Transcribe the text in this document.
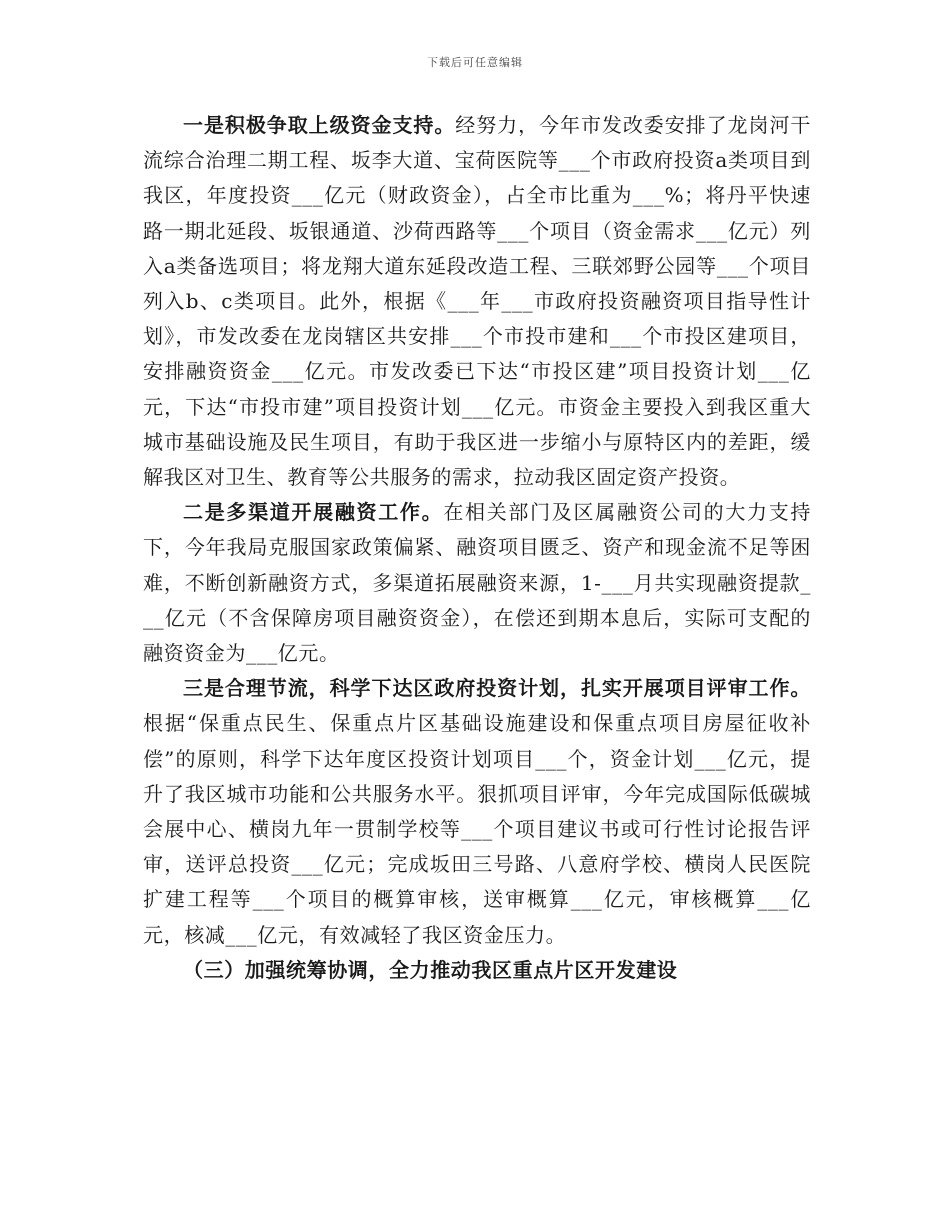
下载后可任意编辑

一是积极争取上级资金支持。经努力，今年市发改委安排了龙岗河干流综合治理二期工程、坂李大道、宝荷医院等___个市政府投资a类项目到我区，年度投资___亿元（财政资金），占全市比重为___%；将丹平快速路一期北延段、坂银通道、沙荷西路等___个项目（资金需求___亿元）列入a类备选项目；将龙翔大道东延段改造工程、三联郊野公园等___个项目列入b、c类项目。此外，根据《___年___市政府投资融资项目指导性计划》，市发改委在龙岗辖区共安排___个市投市建和___个市投区建项目，安排融资资金___亿元。市发改委已下达“市投区建”项目投资计划___亿元，下达“市投市建”项目投资计划___亿元。市资金主要投入到我区重大城市基础设施及民生项目，有助于我区进一步缩小与原特区内的差距，缓解我区对卫生、教育等公共服务的需求，拉动我区固定资产投资。

二是多渠道开展融资工作。在相关部门及区属融资公司的大力支持下，今年我局克服国家政策偏紧、融资项目匮乏、资产和现金流不足等困难，不断创新融资方式，多渠道拓展融资来源，1-___月共实现融资提款___亿元（不含保障房项目融资资金），在偿还到期本息后，实际可支配的融资资金为___亿元。

三是合理节流，科学下达区政府投资计划，扎实开展项目评审工作。根据“保重点民生、保重点片区基础设施建设和保重点项目房屋征收补偿”的原则，科学下达年度区投资计划项目___个，资金计划___亿元，提升了我区城市功能和公共服务水平。狠抓项目评审，今年完成国际低碳城会展中心、横岗九年一贯制学校等___个项目建议书或可行性讨论报告评审，送评总投资___亿元；完成坂田三号路、八意府学校、横岗人民医院扩建工程等___个项目的概算审核，送审概算___亿元，审核概算___亿元，核减___亿元，有效减轻了我区资金压力。

（三）加强统筹协调，全力推动我区重点片区开发建设
